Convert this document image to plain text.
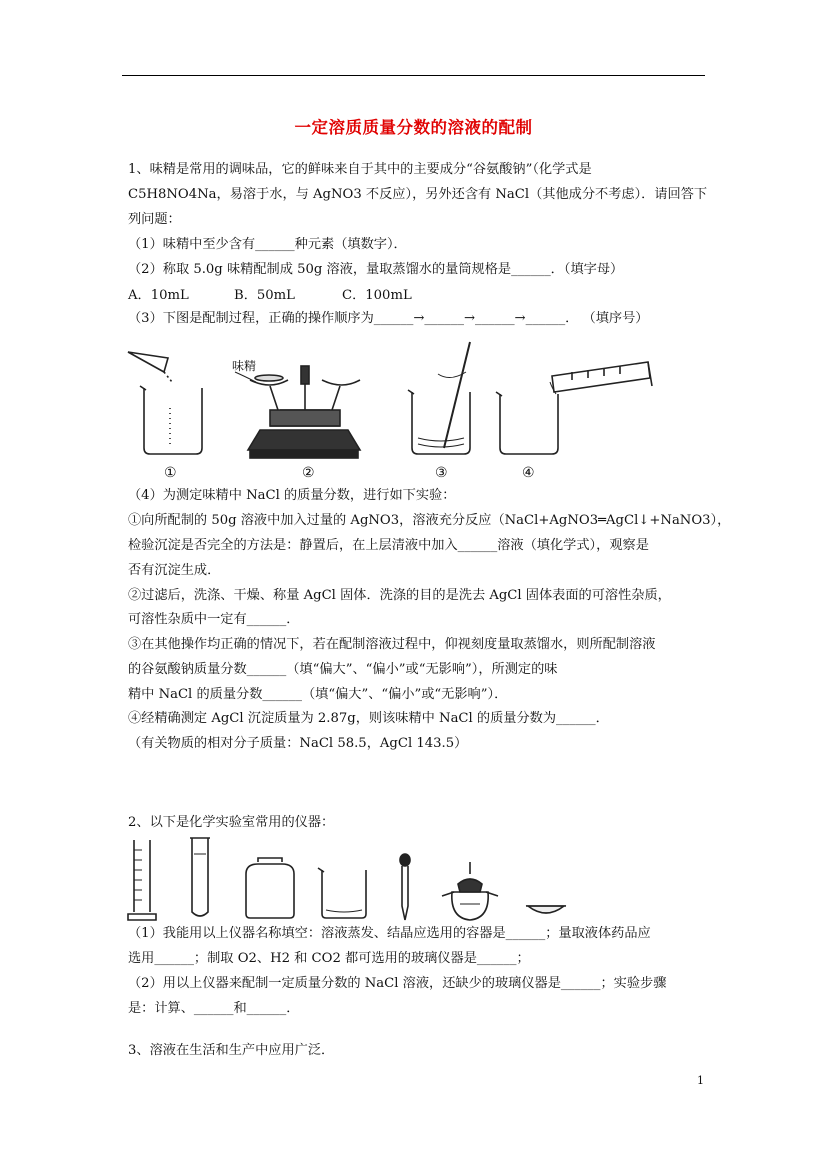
一定溶质质量分数的溶液的配制
1、味精是常用的调味品，它的鲜味来自于其中的主要成分“谷氨酸钠”（化学式是
C5H8NO4Na，易溶于水，与 AgNO3 不反应），另外还含有 NaCl（其他成分不考虑）．请回答下
列问题：
（1）味精中至少含有______种元素（填数字）．
（2）称取 5.0g 味精配制成 50g 溶液，量取蒸馏水的量筒规格是______．（填字母）
A．10mL	B．50mL	C．100mL
（3）下图是配制过程，正确的操作顺序为______→______→______→______． （填序号）
味精
①	②	③	④
（4）为测定味精中 NaCl 的质量分数，进行如下实验：
①向所配制的 50g 溶液中加入过量的 AgNO3，溶液充分反应（NaCl+AgNO3═AgCl↓+NaNO3），
检验沉淀是否完全的方法是：静置后，在上层清液中加入______溶液（填化学式），观察是
否有沉淀生成．
②过滤后，洗涤、干燥、称量 AgCl 固体．洗涤的目的是洗去 AgCl 固体表面的可溶性杂质，
可溶性杂质中一定有______．
③在其他操作均正确的情况下，若在配制溶液过程中，仰视刻度量取蒸馏水，则所配制溶液
的谷氨酸钠质量分数______（填“偏大”、“偏小”或“无影响”），所测定的味
精中 NaCl 的质量分数______（填“偏大”、“偏小”或“无影响”）．
④经精确测定 AgCl 沉淀质量为 2.87g，则该味精中 NaCl 的质量分数为______．
（有关物质的相对分子质量：NaCl 58.5，AgCl 143.5）
2、以下是化学实验室常用的仪器：
（1）我能用以上仪器名称填空：溶液蒸发、结晶应选用的容器是______；量取液体药品应
选用______；制取 O2、H2 和 CO2 都可选用的玻璃仪器是______；
（2）用以上仪器来配制一定质量分数的 NaCl 溶液，还缺少的玻璃仪器是______；实验步骤
是：计算、______和______．
3、溶液在生活和生产中应用广泛．
1
